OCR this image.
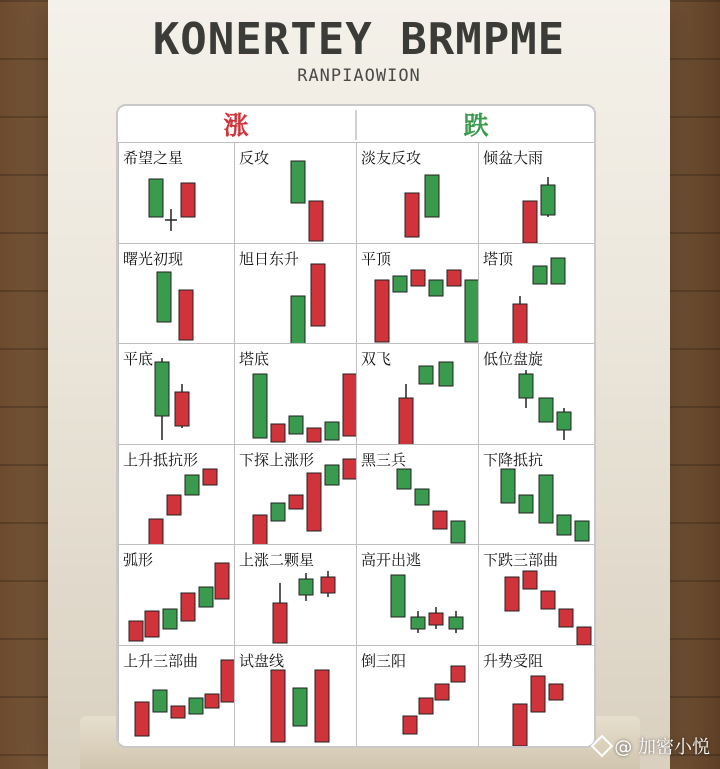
KONERTEY BRMPME
RANPIAOWION
涨	跌
希望之星	反攻	淡友反攻	倾盆大雨
曙光初现	旭日东升	平顶	塔顶
平底	塔底	双飞	低位盘旋
上升抵抗形	下探上涨形	黑三兵	下降抵抗
弧形	上涨二颗星	高开出逃	下跌三部曲
上升三部曲	试盘线	倒三阳	升势受阻
@ 加密小悦
